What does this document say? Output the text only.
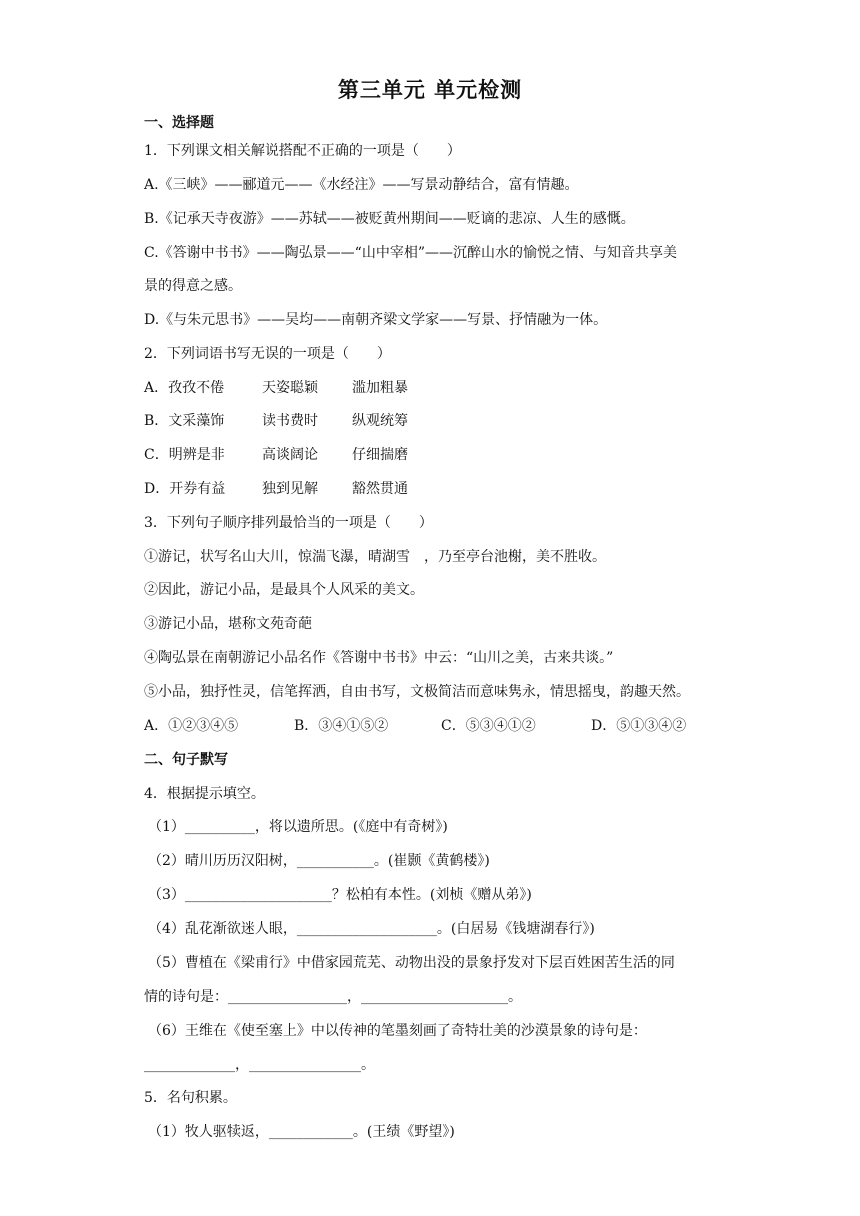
第三单元 单元检测
一、选择题
1．下列课文相关解说搭配不正确的一项是（　　）
A.《三峡》——郦道元——《水经注》——写景动静结合，富有情趣。
B.《记承天寺夜游》——苏轼——被贬黄州期间——贬谪的悲凉、人生的感慨。
C.《答谢中书书》——陶弘景——“山中宰相”——沉醉山水的愉悦之情、与知音共享美
景的得意之感。
D.《与朱元思书》——吴均——南朝齐梁文学家——写景、抒情融为一体。
2．下列词语书写无误的一项是（　　）
A．孜孜不倦	天姿聪颖 滥加粗暴
B．文采藻饰	读书费时 纵观统筹
C．明辨是非	高谈阔论 仔细揣磨
D．开券有益	独到见解 豁然贯通
3．下列句子顺序排列最恰当的一项是（　　）
①游记，状写名山大川，惊湍飞瀑，晴湖雪　，乃至亭台池榭，美不胜收。
②因此，游记小品，是最具个人风采的美文。
③游记小品，堪称文苑奇葩
④陶弘景在南朝游记小品名作《答谢中书书》中云：“山川之美，古来共谈。”
⑤小品，独抒性灵，信笔挥洒，自由书写，文极简洁而意味隽永，情思摇曳，韵趣天然。
A．①②③④⑤	B．③④①⑤②	C．⑤③④①②	D．⑤①③④②
二、句子默写
4．根据提示填空。
（1）__________，将以遗所思。(《庭中有奇树》)
（2）晴川历历汉阳树，___________。(崔颢《黄鹤楼》)
（3）_____________________？松柏有本性。(刘桢《赠从弟》)
（4）乱花渐欲迷人眼，____________________。(白居易《钱塘湖春行》)
（5）曹植在《梁甫行》中借家园荒芜、动物出没的景象抒发对下层百姓困苦生活的同
情的诗句是：_________________，_____________________。
（6）王维在《使至塞上》中以传神的笔墨刻画了奇特壮美的沙漠景象的诗句是：
_____________，________________。
5．名句积累。
（1）牧人驱犊返，____________。(王绩《野望》)
